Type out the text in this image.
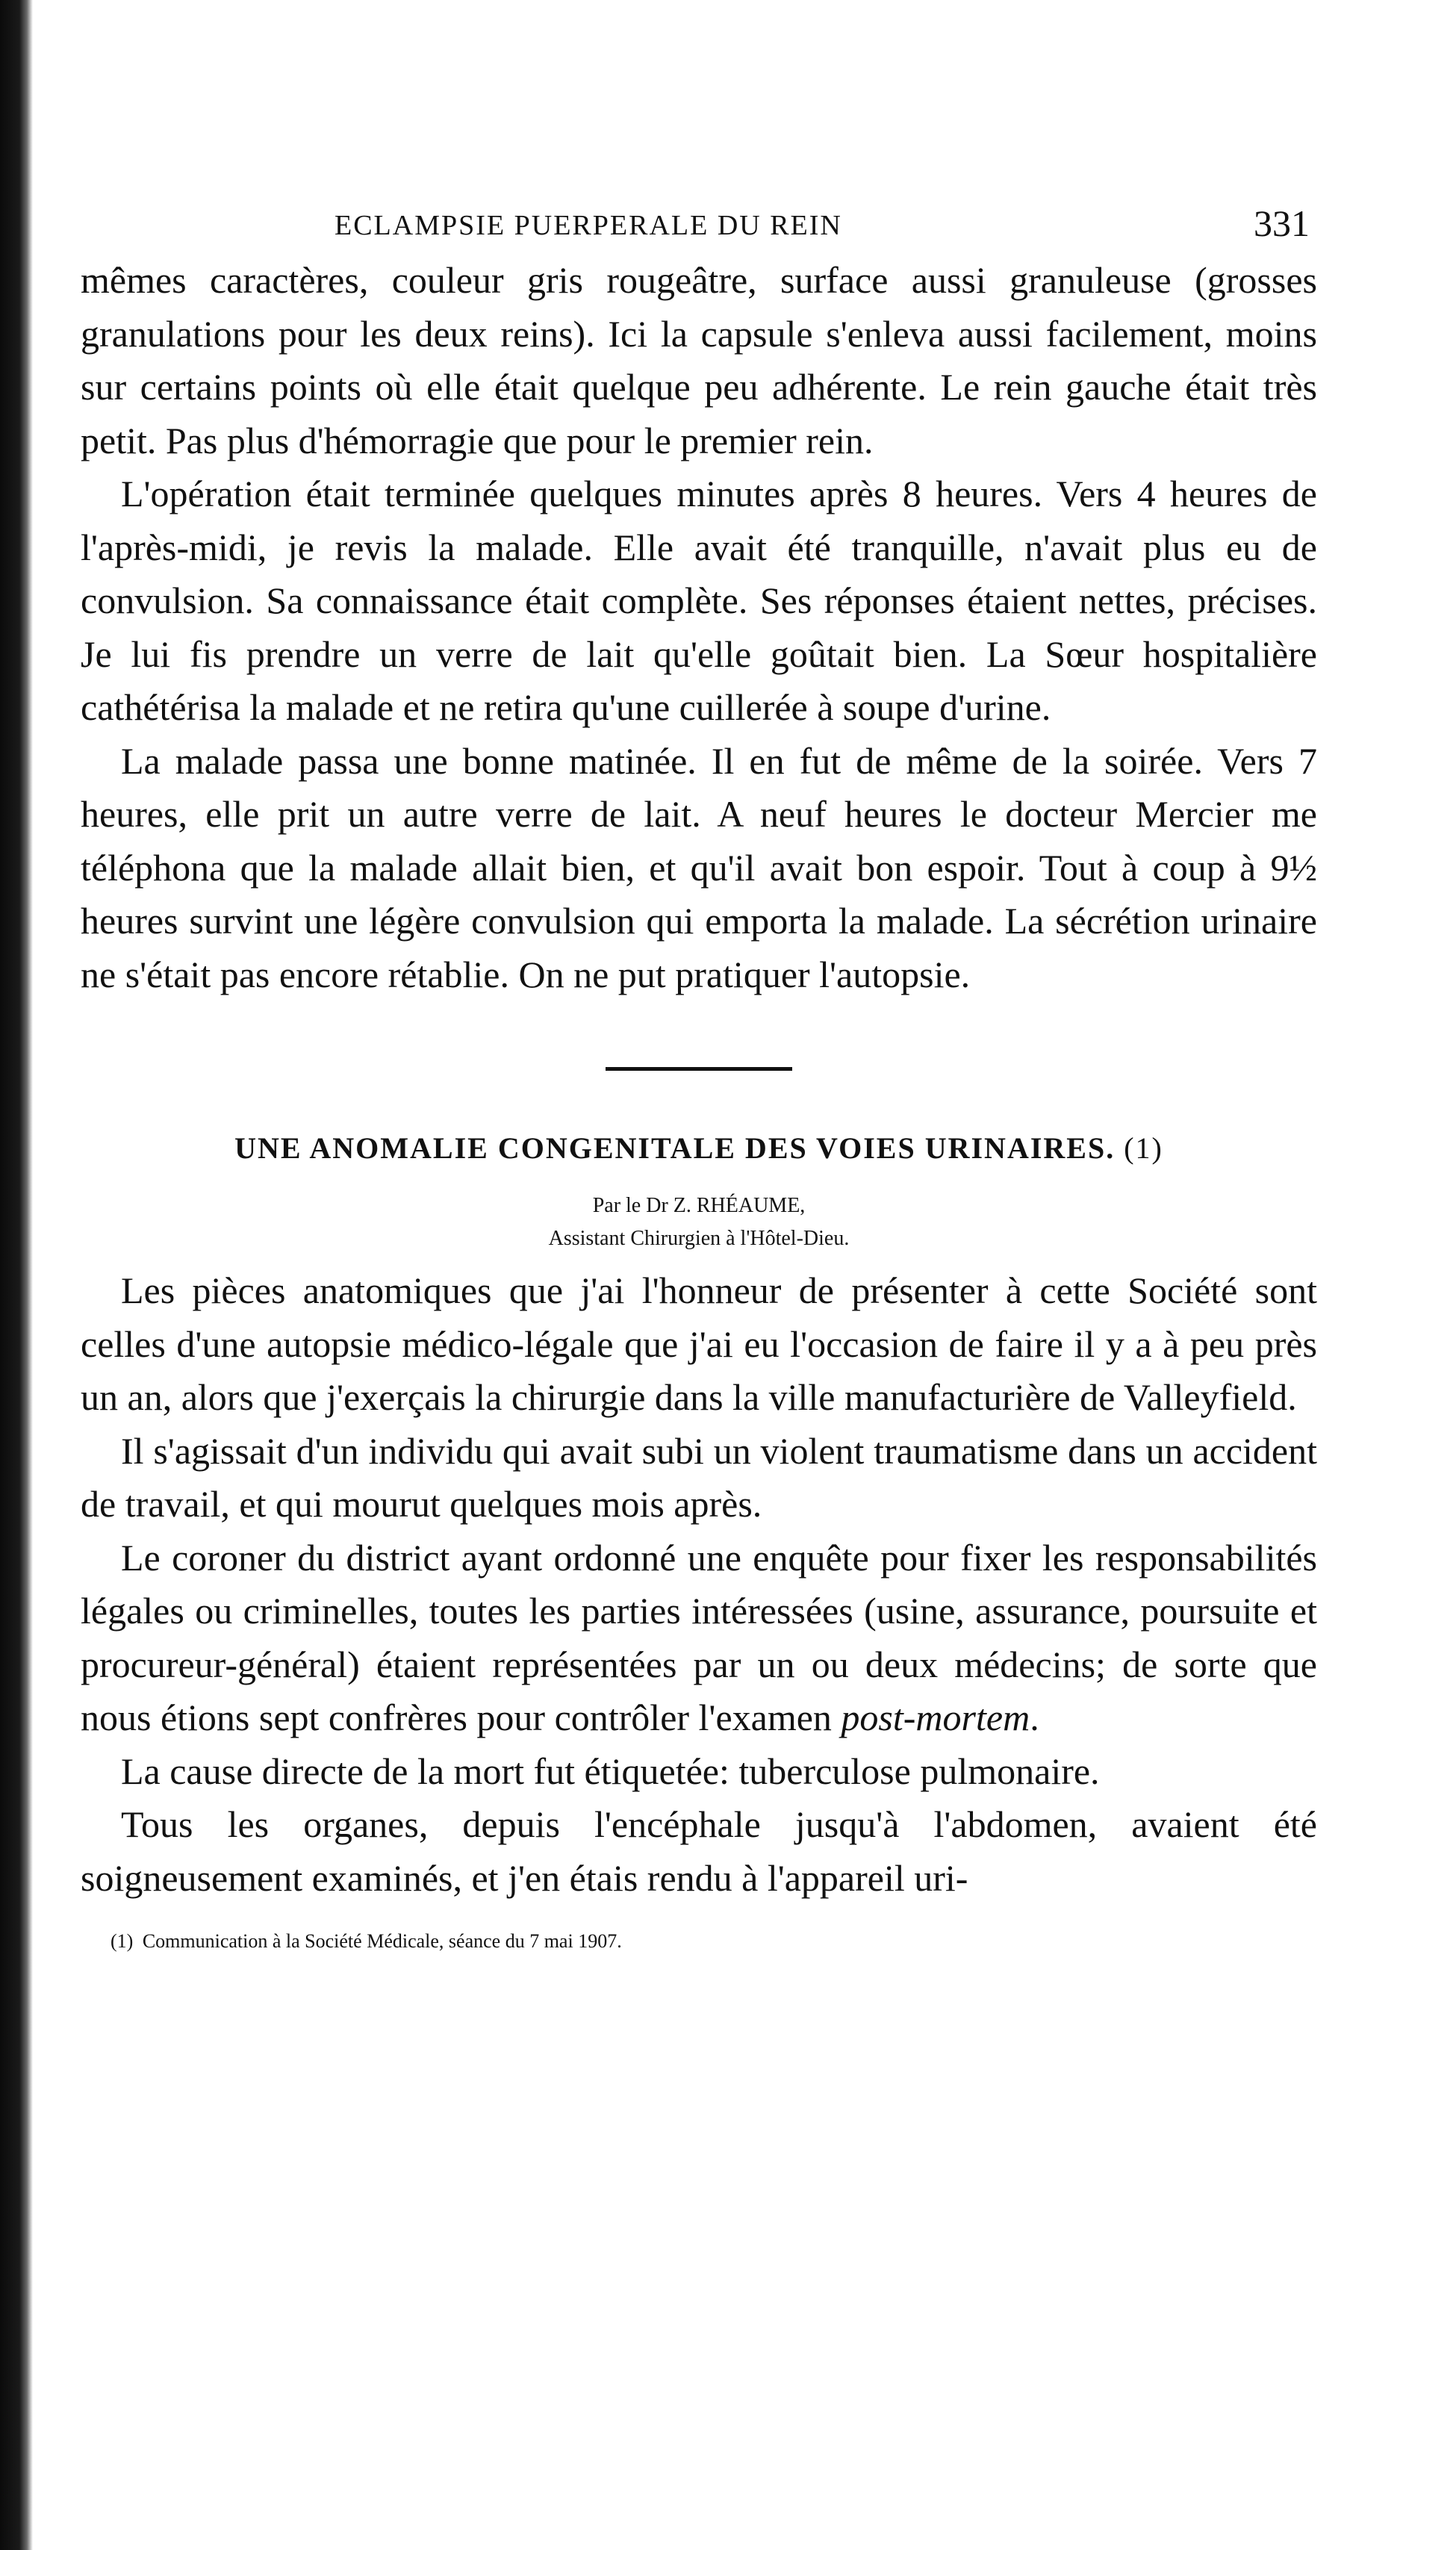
ECLAMPSIE PUERPERALE DU REIN	331

mêmes caractères, couleur gris rougeâtre, surface aussi granuleuse (grosses granulations pour les deux reins). Ici la capsule s'enleva aussi facilement, moins sur certains points où elle était quelque peu adhérente. Le rein gauche était très petit. Pas plus d'hémorragie que pour le premier rein.

L'opération était terminée quelques minutes après 8 heures. Vers 4 heures de l'après-midi, je revis la malade. Elle avait été tranquille, n'avait plus eu de convulsion. Sa connaissance était complète. Ses réponses étaient nettes, précises. Je lui fis prendre un verre de lait qu'elle goûtait bien. La Sœur hospitalière cathétérisa la malade et ne retira qu'une cuillerée à soupe d'urine.

La malade passa une bonne matinée. Il en fut de même de la soirée. Vers 7 heures, elle prit un autre verre de lait. A neuf heures le docteur Mercier me téléphona que la malade allait bien, et qu'il avait bon espoir. Tout à coup à 9½ heures survint une légère convulsion qui emporta la malade. La sécrétion urinaire ne s'était pas encore rétablie. On ne put pratiquer l'autopsie.

UNE ANOMALIE CONGENITALE DES VOIES URINAIRES. (1)
Par le Dr Z. RHÉAUME,
Assistant Chirurgien à l'Hôtel-Dieu.

Les pièces anatomiques que j'ai l'honneur de présenter à cette Société sont celles d'une autopsie médico-légale que j'ai eu l'occasion de faire il y a à peu près un an, alors que j'exerçais la chirurgie dans la ville manufacturière de Valleyfield.

Il s'agissait d'un individu qui avait subi un violent traumatisme dans un accident de travail, et qui mourut quelques mois après.

Le coroner du district ayant ordonné une enquête pour fixer les responsabilités légales ou criminelles, toutes les parties intéressées (usine, assurance, poursuite et procureur-général) étaient représentées par un ou deux médecins; de sorte que nous étions sept confrères pour contrôler l'examen post-mortem.

La cause directe de la mort fut étiquetée: tuberculose pulmonaire.

Tous les organes, depuis l'encéphale jusqu'à l'abdomen, avaient été soigneusement examinés, et j'en étais rendu à l'appareil uri-

(1) Communication à la Société Médicale, séance du 7 mai 1907.
